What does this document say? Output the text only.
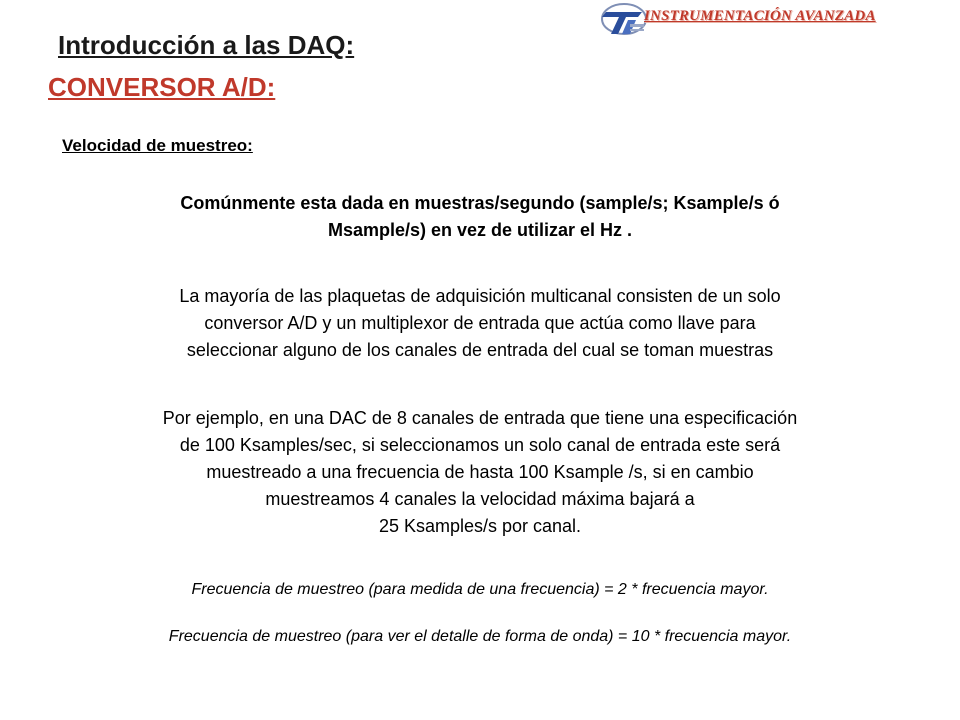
INSTRUMENTACIÓN AVANZADA
Introducción a las DAQ:
CONVERSOR A/D:
Velocidad de muestreo:

Comúnmente esta dada en muestras/segundo (sample/s; Ksample/s ó
Msample/s) en vez de utilizar el Hz .

La mayoría de las plaquetas de adquisición multicanal consisten de un solo
conversor A/D y un multiplexor de entrada que actúa como llave para
seleccionar alguno de los canales de entrada del cual se toman muestras

Por ejemplo, en una DAC de 8 canales de entrada que tiene una especificación
de 100 Ksamples/sec, si seleccionamos un solo canal de entrada este será
muestreado a una frecuencia de hasta 100 Ksample /s, si en cambio
muestreamos 4 canales la velocidad máxima bajará a
25 Ksamples/s por canal.

Frecuencia de muestreo (para medida de una frecuencia) = 2 * frecuencia mayor.

Frecuencia de muestreo (para ver el detalle de forma de onda) = 10 * frecuencia mayor.
